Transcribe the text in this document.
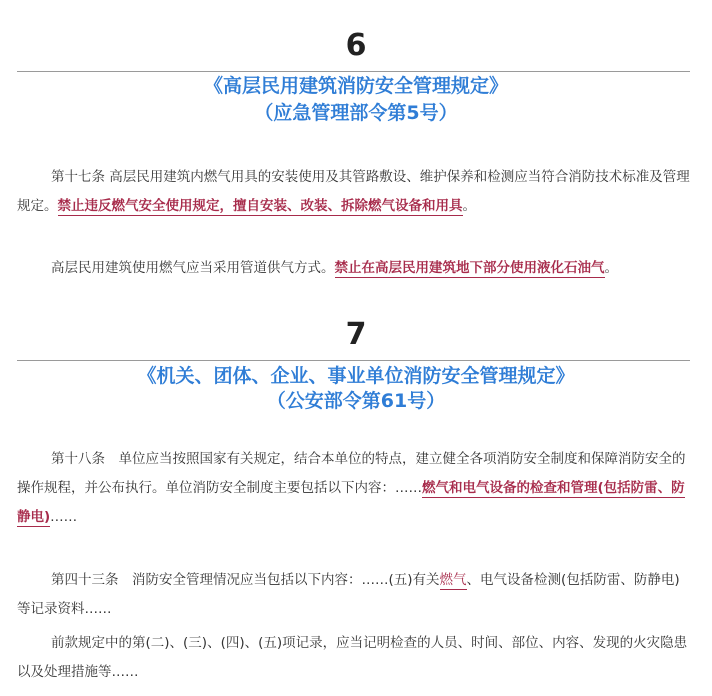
6
《高层民用建筑消防安全管理规定》
（应急管理部令第5号）

第十七条 高层民用建筑内燃气用具的安装使用及其管路敷设、维护保养和检测应当符合消防技术标准及管理规定。禁止违反燃气安全使用规定，擅自安装、改装、拆除燃气设备和用具。

高层民用建筑使用燃气应当采用管道供气方式。禁止在高层民用建筑地下部分使用液化石油气。

7
《机关、团体、企业、事业单位消防安全管理规定》
（公安部令第61号）

第十八条　单位应当按照国家有关规定，结合本单位的特点，建立健全各项消防安全制度和保障消防安全的操作规程，并公布执行。单位消防安全制度主要包括以下内容：……燃气和电气设备的检查和管理(包括防雷、防静电)……

第四十三条　消防安全管理情况应当包括以下内容：……(五)有关燃气、电气设备检测(包括防雷、防静电)等记录资料……

前款规定中的第(二)、(三)、(四)、(五)项记录，应当记明检查的人员、时间、部位、内容、发现的火灾隐患以及处理措施等……
